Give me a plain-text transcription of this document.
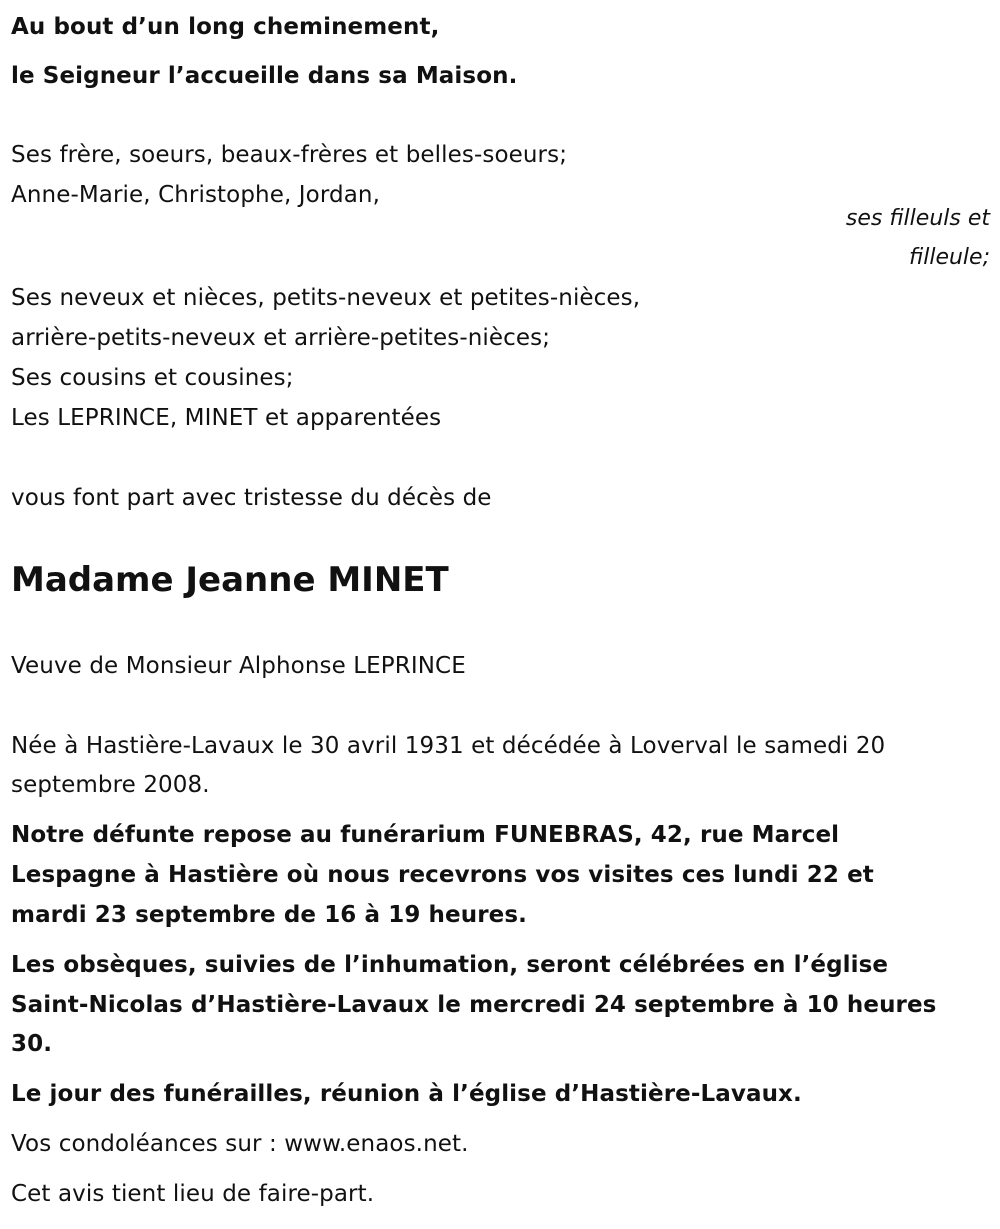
Au bout d’un long cheminement,
le Seigneur l’accueille dans sa Maison.
Ses frère, soeurs, beaux-frères et belles-soeurs;
Anne-Marie, Christophe, Jordan,
ses filleuls et
filleule;
Ses neveux et nièces, petits-neveux et petites-nièces,
arrière-petits-neveux et arrière-petites-nièces;
Ses cousins et cousines;
Les LEPRINCE, MINET et apparentées
vous font part avec tristesse du décès de
Madame Jeanne MINET
Veuve de Monsieur Alphonse LEPRINCE
Née à Hastière-Lavaux le 30 avril 1931 et décédée à Loverval le samedi 20
septembre 2008.
Notre défunte repose au funérarium FUNEBRAS, 42, rue Marcel
Lespagne à Hastière où nous recevrons vos visites ces lundi 22 et
mardi 23 septembre de 16 à 19 heures.
Les obsèques, suivies de l’inhumation, seront célébrées en l’église
Saint-Nicolas d’Hastière-Lavaux le mercredi 24 septembre à 10 heures
30.
Le jour des funérailles, réunion à l’église d’Hastière-Lavaux.
Vos condoléances sur : www.enaos.net.
Cet avis tient lieu de faire-part.
